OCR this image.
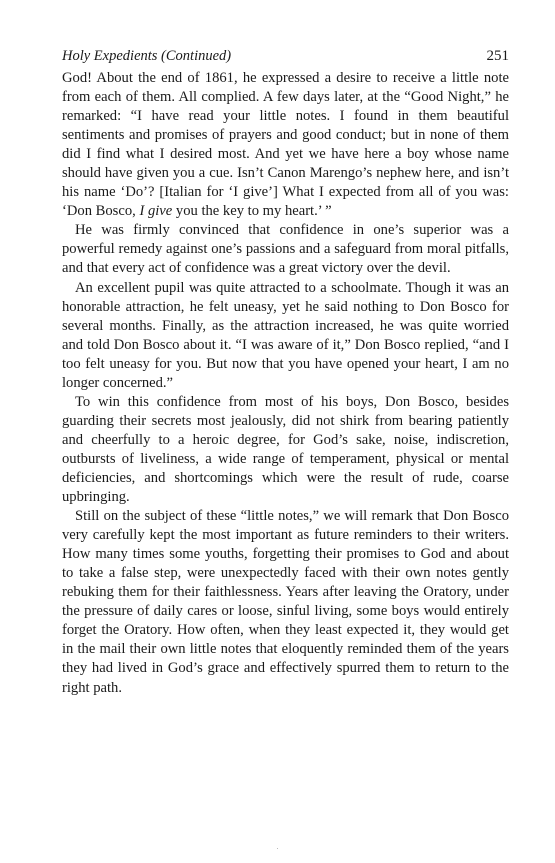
Holy Expedients (Continued)	251

God! About the end of 1861, he expressed a desire to receive a little note from each of them. All complied. A few days later, at the “Good Night,” he remarked: “I have read your little notes. I found in them beautiful sentiments and promises of prayers and good conduct; but in none of them did I find what I desired most. And yet we have here a boy whose name should have given you a cue. Isn’t Canon Marengo’s nephew here, and isn’t his name ‘Do’? [Italian for ‘I give’] What I expected from all of you was: ‘Don Bosco, I give you the key to my heart.’ ”

He was firmly convinced that confidence in one’s superior was a powerful remedy against one’s passions and a safeguard from moral pitfalls, and that every act of confidence was a great victory over the devil.

An excellent pupil was quite attracted to a schoolmate. Though it was an honorable attraction, he felt uneasy, yet he said nothing to Don Bosco for several months. Finally, as the attraction increased, he was quite worried and told Don Bosco about it. “I was aware of it,” Don Bosco replied, “and I too felt uneasy for you. But now that you have opened your heart, I am no longer concerned.”

To win this confidence from most of his boys, Don Bosco, besides guarding their secrets most jealously, did not shirk from bearing patiently and cheerfully to a heroic degree, for God’s sake, noise, indiscretion, outbursts of liveliness, a wide range of temperament, physical or mental deficiencies, and shortcomings which were the result of rude, coarse upbringing.

Still on the subject of these “little notes,” we will remark that Don Bosco very carefully kept the most important as future reminders to their writers. How many times some youths, forgetting their promises to God and about to take a false step, were unexpectedly faced with their own notes gently rebuking them for their faithlessness. Years after leaving the Oratory, under the pressure of daily cares or loose, sinful living, some boys would entirely forget the Oratory. How often, when they least expected it, they would get in the mail their own little notes that eloquently reminded them of the years they had lived in God’s grace and effectively spurred them to return to the right path.
